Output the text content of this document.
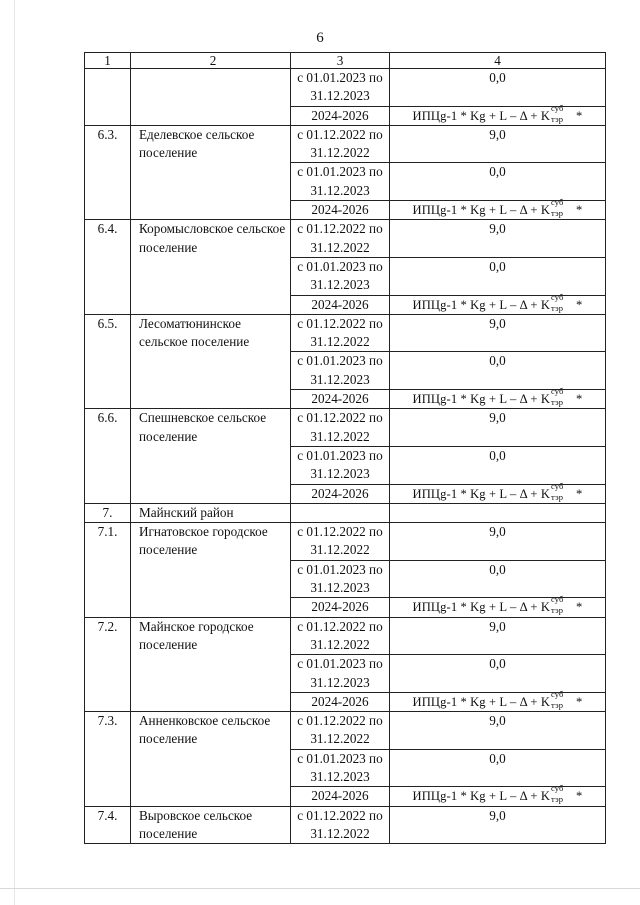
6
1	2	3	4
		с 01.01.2023 по 31.12.2023	0,0
		2024-2026	ИПЦg-1 * Kg + L – Δ + K
суб
тэр *
6.3.	Еделевское сельское поселение	с 01.12.2022 по 31.12.2022	9,0
		с 01.01.2023 по 31.12.2023	0,0
		2024-2026	ИПЦg-1 * Kg + L – Δ + K
суб
тэр *
6.4.	Коромысловское сельское поселение	с 01.12.2022 по 31.12.2022	9,0
		с 01.01.2023 по 31.12.2023	0,0
		2024-2026	ИПЦg-1 * Kg + L – Δ + K
суб
тэр *
6.5.	Лесоматюнинское сельское поселение	с 01.12.2022 по 31.12.2022	9,0
		с 01.01.2023 по 31.12.2023	0,0
		2024-2026	ИПЦg-1 * Kg + L – Δ + K
суб
тэр *
6.6.	Спешневское сельское поселение	с 01.12.2022 по 31.12.2022	9,0
		с 01.01.2023 по 31.12.2023	0,0
		2024-2026	ИПЦg-1 * Kg + L – Δ + K
суб
тэр *
7.	Майнский район		
7.1.	Игнатовское городское поселение	с 01.12.2022 по 31.12.2022	9,0
		с 01.01.2023 по 31.12.2023	0,0
		2024-2026	ИПЦg-1 * Kg + L – Δ + K
суб
тэр *
7.2.	Майнское городское поселение	с 01.12.2022 по 31.12.2022	9,0
		с 01.01.2023 по 31.12.2023	0,0
		2024-2026	ИПЦg-1 * Kg + L – Δ + K
суб
тэр *
7.3.	Анненковское сельское поселение	с 01.12.2022 по 31.12.2022	9,0
		с 01.01.2023 по 31.12.2023	0,0
		2024-2026	ИПЦg-1 * Kg + L – Δ + K
суб
тэр *
7.4.	Выровское сельское поселение	с 01.12.2022 по 31.12.2022	9,0
